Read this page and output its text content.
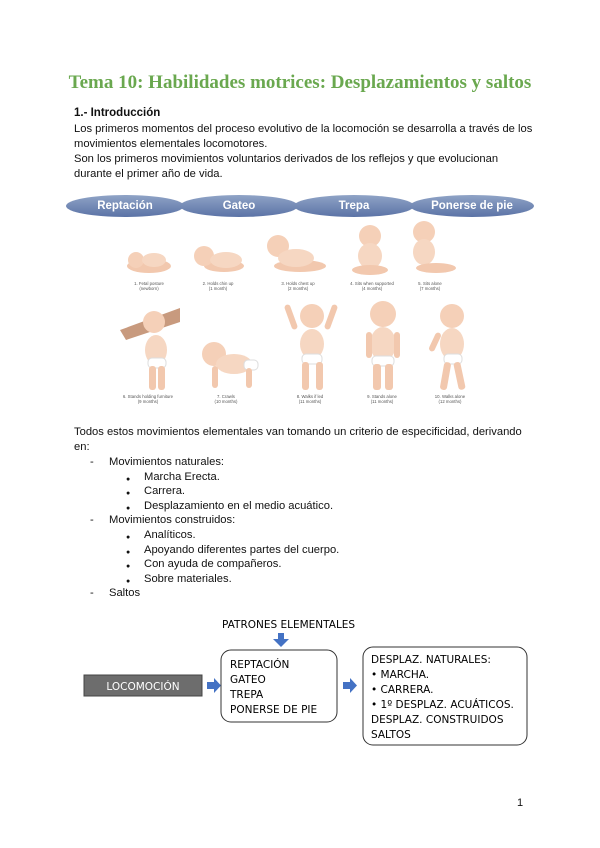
Tema 10: Habilidades motrices: Desplazamientos y saltos
1.- Introducción
Los primeros momentos del proceso evolutivo de la locomoción se desarrolla a través de los
movimientos elementales locomotores.
Son los primeros movimientos voluntarios derivados de los reflejos y que evolucionan
durante el primer año de vida.
Reptación	Gateo	Trepa	Ponerse de pie
1. Fetal posture
(newborn)
2. Holds chin up
(1 month)
3. Holds chest up
(2 months)
4. Sits when supported
(4 months)
5. Sits alone
(7 months)
6. Stands holding furniture
(9 months)
7. Crawls
(10 months)
8. Walks if led
(11 months)
9. Stands alone
(11 months)
10. Walks alone
(12 months)
Todos estos movimientos elementales van tomando un criterio de especificidad, derivando
en:
- Movimientos naturales:
● Marcha Erecta.
● Carrera.
● Desplazamiento en el medio acuático.
- Movimientos construidos:
● Analíticos.
● Apoyando diferentes partes del cuerpo.
● Con ayuda de compañeros.
● Sobre materiales.
- Saltos
PATRONES ELEMENTALES
LOCOMOCIÓN
REPTACIÓN
GATEO
TREPA
PONERSE DE PIE
DESPLAZ. NATURALES:
• MARCHA.
• CARRERA.
• 1º DESPLAZ. ACUÁTICOS.
DESPLAZ. CONSTRUIDOS
SALTOS
1
